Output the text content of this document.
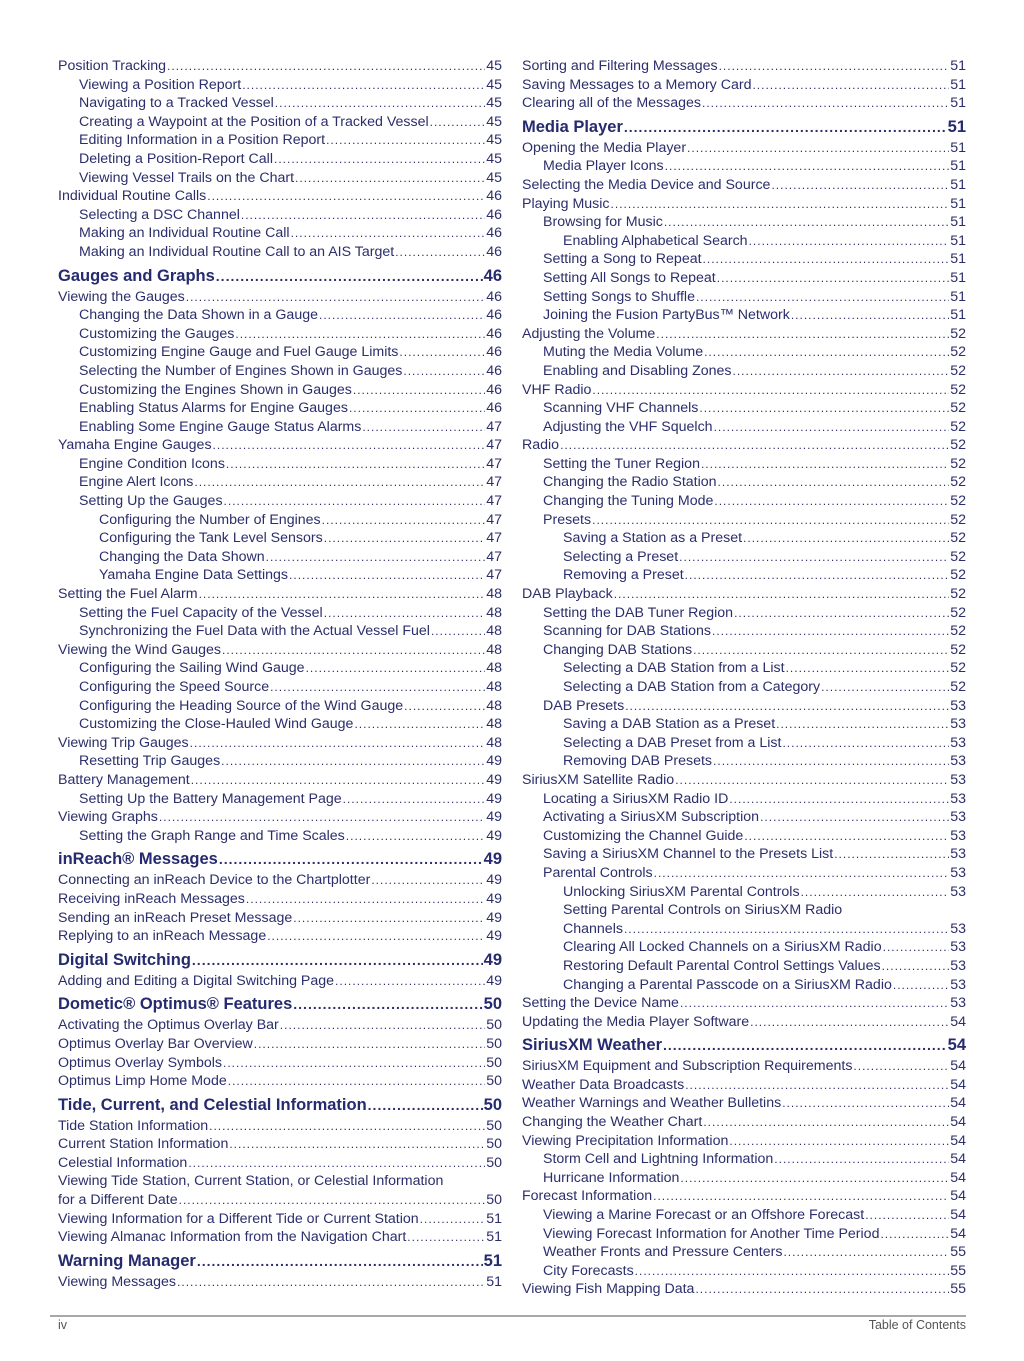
Position Tracking .....	45
Viewing a Position Report .....	45
Navigating to a Tracked Vessel .....	45
Creating a Waypoint at the Position of a Tracked Vessel .....	45
Editing Information in a Position Report .....	45
Deleting a Position-Report Call .....	45
Viewing Vessel Trails on the Chart .....	45
Individual Routine Calls .....	46
Selecting a DSC Channel .....	46
Making an Individual Routine Call .....	46
Making an Individual Routine Call to an AIS Target .....	46
Gauges and Graphs .....	46
Viewing the Gauges .....	46
Changing the Data Shown in a Gauge .....	46
Customizing the Gauges .....	46
Customizing Engine Gauge and Fuel Gauge Limits .....	46
Selecting the Number of Engines Shown in Gauges .....	46
Customizing the Engines Shown in Gauges .....	46
Enabling Status Alarms for Engine Gauges .....	46
Enabling Some Engine Gauge Status Alarms .....	47
Yamaha Engine Gauges .....	47
Engine Condition Icons .....	47
Engine Alert Icons .....	47
Setting Up the Gauges .....	47
Configuring the Number of Engines .....	47
Configuring the Tank Level Sensors .....	47
Changing the Data Shown .....	47
Yamaha Engine Data Settings .....	47
Setting the Fuel Alarm .....	48
Setting the Fuel Capacity of the Vessel .....	48
Synchronizing the Fuel Data with the Actual Vessel Fuel .....	48
Viewing the Wind Gauges .....	48
Configuring the Sailing Wind Gauge .....	48
Configuring the Speed Source .....	48
Configuring the Heading Source of the Wind Gauge .....	48
Customizing the Close-Hauled Wind Gauge .....	48
Viewing Trip Gauges .....	48
Resetting Trip Gauges .....	49
Battery Management .....	49
Setting Up the Battery Management Page .....	49
Viewing Graphs .....	49
Setting the Graph Range and Time Scales .....	49
inReach® Messages .....	49
Connecting an inReach Device to the Chartplotter .....	49
Receiving inReach Messages .....	49
Sending an inReach Preset Message .....	49
Replying to an inReach Message .....	49
Digital Switching .....	49
Adding and Editing a Digital Switching Page .....	49
Dometic® Optimus® Features .....	50
Activating the Optimus Overlay Bar .....	50
Optimus Overlay Bar Overview .....	50
Optimus Overlay Symbols .....	50
Optimus Limp Home Mode .....	50
Tide, Current, and Celestial Information .....	50
Tide Station Information .....	50
Current Station Information .....	50
Celestial Information .....	50
Viewing Tide Station, Current Station, or Celestial Information
for a Different Date .....	50
Viewing Information for a Different Tide or Current Station .....	51
Viewing Almanac Information from the Navigation Chart .....	51
Warning Manager .....	51
Viewing Messages .....	51
Sorting and Filtering Messages .....	51
Saving Messages to a Memory Card .....	51
Clearing all of the Messages .....	51
Media Player .....	51
Opening the Media Player .....	51
Media Player Icons .....	51
Selecting the Media Device and Source .....	51
Playing Music .....	51
Browsing for Music .....	51
Enabling Alphabetical Search .....	51
Setting a Song to Repeat .....	51
Setting All Songs to Repeat .....	51
Setting Songs to Shuffle .....	51
Joining the Fusion PartyBus™ Network .....	51
Adjusting the Volume .....	52
Muting the Media Volume .....	52
Enabling and Disabling Zones .....	52
VHF Radio .....	52
Scanning VHF Channels .....	52
Adjusting the VHF Squelch .....	52
Radio .....	52
Setting the Tuner Region .....	52
Changing the Radio Station .....	52
Changing the Tuning Mode .....	52
Presets .....	52
Saving a Station as a Preset .....	52
Selecting a Preset .....	52
Removing a Preset .....	52
DAB Playback .....	52
Setting the DAB Tuner Region .....	52
Scanning for DAB Stations .....	52
Changing DAB Stations .....	52
Selecting a DAB Station from a List .....	52
Selecting a DAB Station from a Category .....	52
DAB Presets .....	53
Saving a DAB Station as a Preset .....	53
Selecting a DAB Preset from a List .....	53
Removing DAB Presets .....	53
SiriusXM Satellite Radio .....	53
Locating a SiriusXM Radio ID .....	53
Activating a SiriusXM Subscription .....	53
Customizing the Channel Guide .....	53
Saving a SiriusXM Channel to the Presets List .....	53
Parental Controls .....	53
Unlocking SiriusXM Parental Controls .....	53
Setting Parental Controls on SiriusXM Radio
Channels .....	53
Clearing All Locked Channels on a SiriusXM Radio .....	53
Restoring Default Parental Control Settings Values .....	53
Changing a Parental Passcode on a SiriusXM Radio .....	53
Setting the Device Name .....	53
Updating the Media Player Software .....	54
SiriusXM Weather .....	54
SiriusXM Equipment and Subscription Requirements .....	54
Weather Data Broadcasts .....	54
Weather Warnings and Weather Bulletins .....	54
Changing the Weather Chart .....	54
Viewing Precipitation Information .....	54
Storm Cell and Lightning Information .....	54
Hurricane Information .....	54
Forecast Information .....	54
Viewing a Marine Forecast or an Offshore Forecast .....	54
Viewing Forecast Information for Another Time Period .....	54
Weather Fronts and Pressure Centers .....	55
City Forecasts .....	55
Viewing Fish Mapping Data .....	55
iv	Table of Contents
